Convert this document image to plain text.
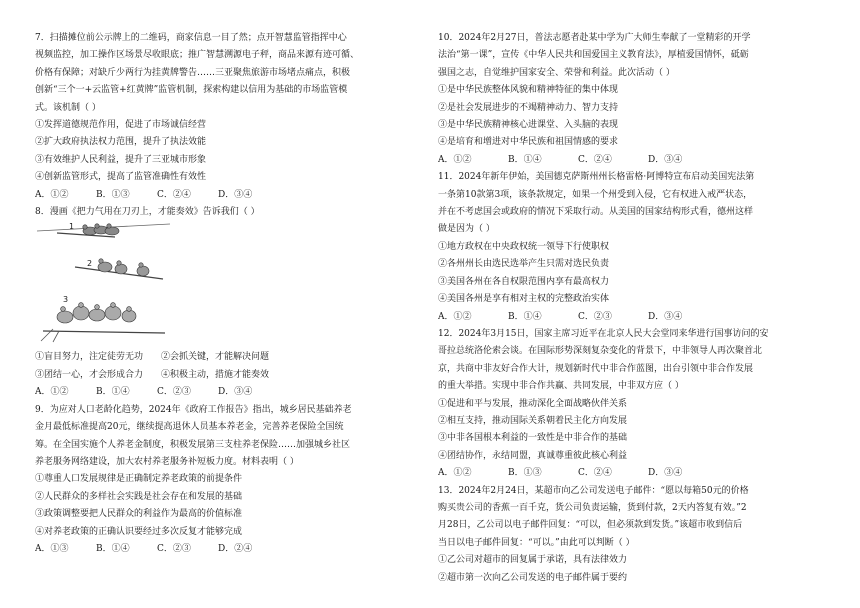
7．扫描摊位前公示牌上的二维码，商家信息一目了然；点开智慧监管指挥中心
视频监控，加工操作区场景尽收眼底；推广智慧溯源电子秤，商品来源有迹可循、
价格有保障；对缺斤少两行为挂黄牌警告……三亚聚焦旅游市场堵点痛点，积极
创新“三个一+云监管+红黄牌”监管机制，探索构建以信用为基础的市场监管模
式。该机制（ ）
①发挥道德规范作用，促进了市场诚信经营
②扩大政府执法权力范围，提升了执法效能
③有效维护人民利益，提升了三亚城市形象
④创新监管形式，提高了监管准确性有效性
A．①②	B．①③	C．②④	D．③④
8．漫画《把力气用在刀刃上，才能奏效》告诉我们（ ）
1
2
3
①盲目努力，注定徒劳无功　　②会抓关键，才能解决问题
③团结一心，才会形成合力　　④积极主动，措施才能奏效
A．①②	B．①④	C．②③	D．③④
9．为应对人口老龄化趋势，2024年《政府工作报告》指出，城乡居民基础养老
金月最低标准提高20元，继续提高退休人员基本养老金，完善养老保险全国统
筹。在全国实施个人养老金制度，积极发展第三支柱养老保险……加强城乡社区
养老服务网络建设，加大农村养老服务补短板力度。材料表明（ ）
①尊重人口发展规律是正确制定养老政策的前提条件
②人民群众的多样社会实践是社会存在和发展的基础
③政策调整要把人民群众的利益作为最高的价值标准
④对养老政策的正确认识要经过多次反复才能够完成
A．①③	B．①④	C．②③	D．②④
10．2024年2月27日，普法志愿者赴某中学为广大师生奉献了一堂精彩的开学
法治“第一课”，宣传《中华人民共和国爱国主义教育法》，厚植爱国情怀，砥砺
强国之志，自觉维护国家安全、荣誉和利益。此次活动（ ）
①是中华民族整体风貌和精神特征的集中体现
②是社会发展进步的不竭精神动力、智力支持
③是中华民族精神核心进课堂、入头脑的表现
④是培育和增进对中华民族和祖国情感的要求
A．①②	B．①④	C．②④	D．③④
11．2024年新年伊始，美国德克萨斯州州长格雷格·阿博特宣布启动美国宪法第
一条第10款第3项，该条款规定，如果一个州受到入侵，它有权进入戒严状态，
并在不考虑国会或政府的情况下采取行动。从美国的国家结构形式看，德州这样
做是因为（ ）
①地方政权在中央政权统一领导下行使职权
②各州州长由选民选举产生只需对选民负责
③美国各州在各自权限范围内享有最高权力
④美国各州是享有相对主权的完整政治实体
A．①②	B．①④	C．②③	D．③④
12．2024年3月15日，国家主席习近平在北京人民大会堂同来华进行国事访问的安
哥拉总统洛伦索会谈。在国际形势深刻复杂变化的背景下，中非领导人再次聚首北
京，共商中非友好合作大计，规划新时代中非合作蓝图，出台引领中非合作发展
的重大举措。实现中非合作共赢、共同发展，中非双方应（ ）
①促进和平与发展，推动深化全面战略伙伴关系
②相互支持，推动国际关系朝着民主化方向发展
③中非各国根本利益的一致性是中非合作的基础
④团结协作，永结同盟，真诚尊重彼此核心利益
A．①②	B．①③	C．②④	D．③④
13．2024年2月24日，某超市向乙公司发送电子邮件：“愿以每箱50元的价格
购买贵公司的香蕉一百千克，货公司负责运输，货到付款，2天内答复有效。”2
月28日，乙公司以电子邮件回复：“可以，但必须款到发货。”该超市收到信后
当日以电子邮件回复：“可以。”由此可以判断（ ）
①乙公司对超市的回复属于承诺，具有法律效力
②超市第一次向乙公司发送的电子邮件属于要约
